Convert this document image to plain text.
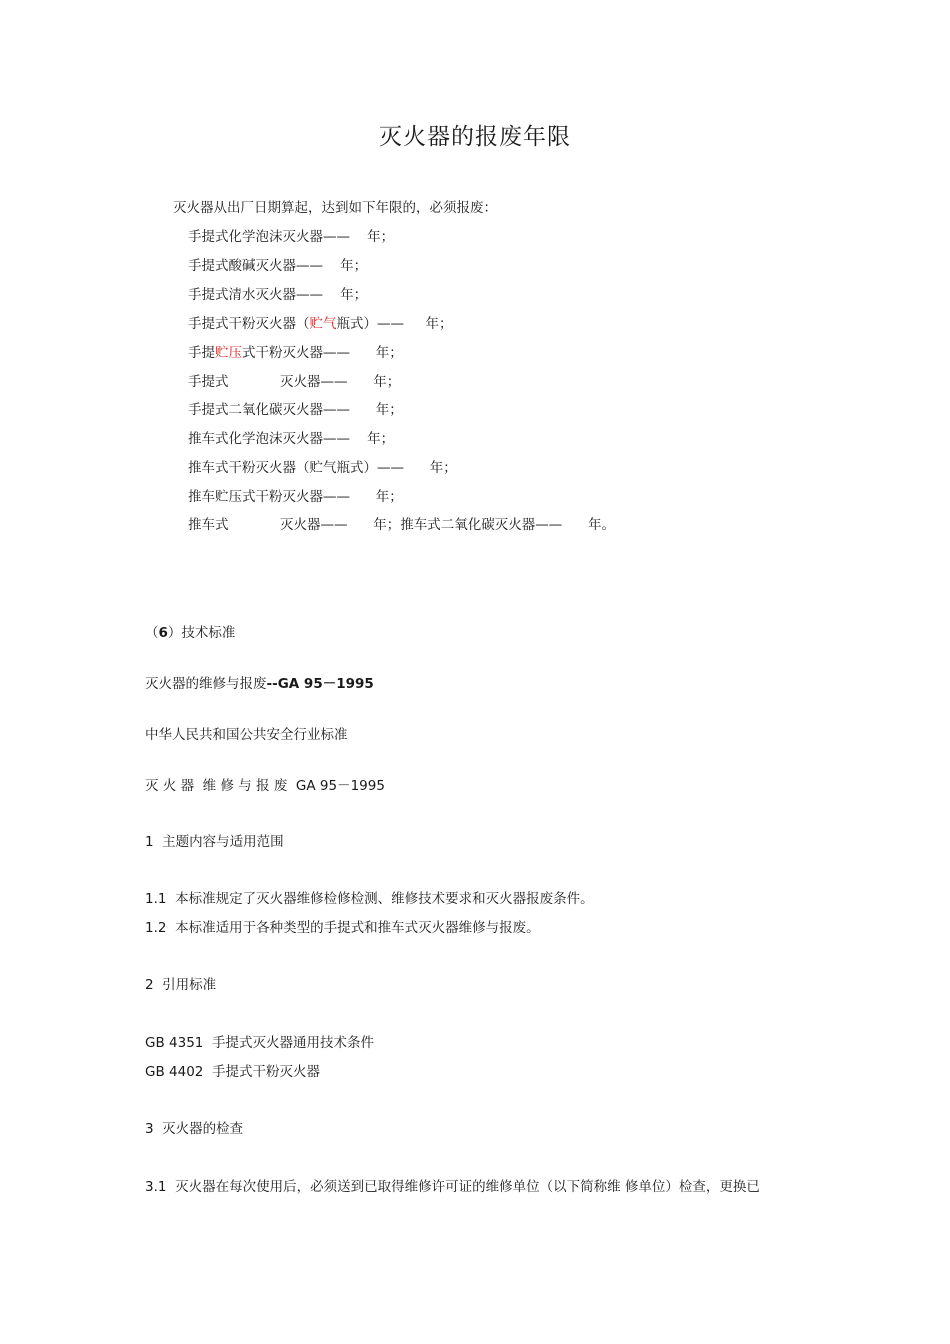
灭火器的报废年限
灭火器从出厂日期算起，达到如下年限的，必须报废：
手提式化学泡沫灭火器——    年；
手提式酸碱灭火器——    年；
手提式清水灭火器——    年；
手提式干粉灭火器（贮气瓶式）——     年；
手提贮压式干粉灭火器——      年；
手提式            灭火器——      年；
手提式二氧化碳灭火器——      年；
推车式化学泡沫灭火器——    年；
推车式干粉灭火器（贮气瓶式）——      年；
推车贮压式干粉灭火器——      年；
推车式            灭火器——      年；推车式二氧化碳灭火器——      年。
（6）技术标准
灭火器的维修与报废--GA 95－1995
中华人民共和国公共安全行业标准
灭 火 器  维 修 与 报 废  GA 95－1995
1  主题内容与适用范围
1.1  本标准规定了灭火器维修检修检测、维修技术要求和灭火器报废条件。
1.2  本标准适用于各种类型的手提式和推车式灭火器维修与报废。
2  引用标准
GB 4351  手提式灭火器通用技术条件
GB 4402  手提式干粉灭火器
3  灭火器的检查
3.1  灭火器在每次使用后，必须送到已取得维修许可证的维修单位（以下简称维 修单位）检查，更换已
